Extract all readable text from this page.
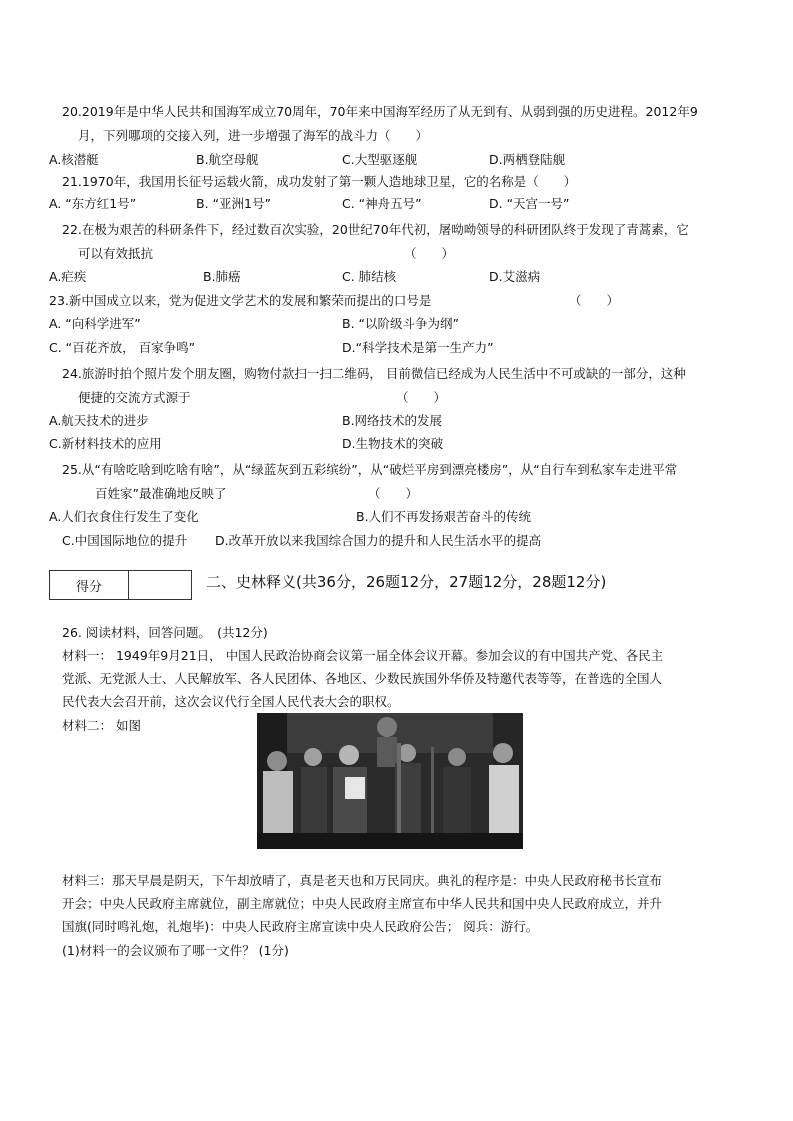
20.2019年是中华人民共和国海军成立70周年，70年来中国海军经历了从无到有、从弱到强的历史进程。2012年9
月，下列哪项的交接入列，进一步增强了海军的战斗力（　　）
A.核潜艇	B.航空母舰	C.大型驱逐舰	D.两栖登陆舰
21.1970年，我国用长征号运载火箭，成功发射了第一颗人造地球卫星，它的名称是（　　）
A. “东方红1号”	B. “亚洲1号”	C. “神舟五号”	D. “天宫一号”
22.在极为艰苦的科研条件下，经过数百次实验，20世纪70年代初，屠呦呦领导的科研团队终于发现了青蒿素，它
可以有效抵抗	（　　）
A.疟疾	B.肺癌	C. 肺结核	D.艾滋病
23.新中国成立以来，党为促进文学艺术的发展和繁荣而提出的口号是	（　　）
A. “向科学进军”	B. “以阶级斗争为纲”
C. “百花齐放， 百家争鸣”	D.“科学技术是第一生产力”
24.旅游时拍个照片发个朋友圈，购物付款扫一扫二维码， 目前微信已经成为人民生活中不可或缺的一部分，这种
便捷的交流方式源于	（　　）
A.航天技术的进步	B.网络技术的发展
C.新材料技术的应用	D.生物技术的突破
25.从“有啥吃啥到吃啥有啥”，从“绿蓝灰到五彩缤纷”，从“破烂平房到漂亮楼房”，从“自行车到私家车走进平常
百姓家”最准确地反映了	（　　）
A.人们衣食住行发生了变化	B.人们不再发扬艰苦奋斗的传统
C.中国国际地位的提升 D.改革开放以来我国综合国力的提升和人民生活水平的提高
得分	二、史林释义(共36分，26题12分，27题12分，28题12分)
26. 阅读材料，回答问题。　(共12分)
材料一： 1949年9月21日， 中国人民政治协商会议第一届全体会议开幕。参加会议的有中国共产党、各民主
党派、无党派人士、人民解放军、各人民团体、各地区、少数民族国外华侨及特邀代表等等，在普选的全国人
民代表大会召开前，这次会议代行全国人民代表大会的职权。
材料二： 如图
材料三：那天早晨是阴天，下午却放晴了，真是老天也和万民同庆。典礼的程序是：中央人民政府秘书长宣布
开会；中央人民政府主席就位，副主席就位；中央人民政府主席宣布中华人民共和国中央人民政府成立，并升
国旗(同时鸣礼炮，礼炮毕)：中央人民政府主席宣读中央人民政府公告； 阅兵：游行。
(1)材料一的会议颁布了哪一文件？ (1分)
